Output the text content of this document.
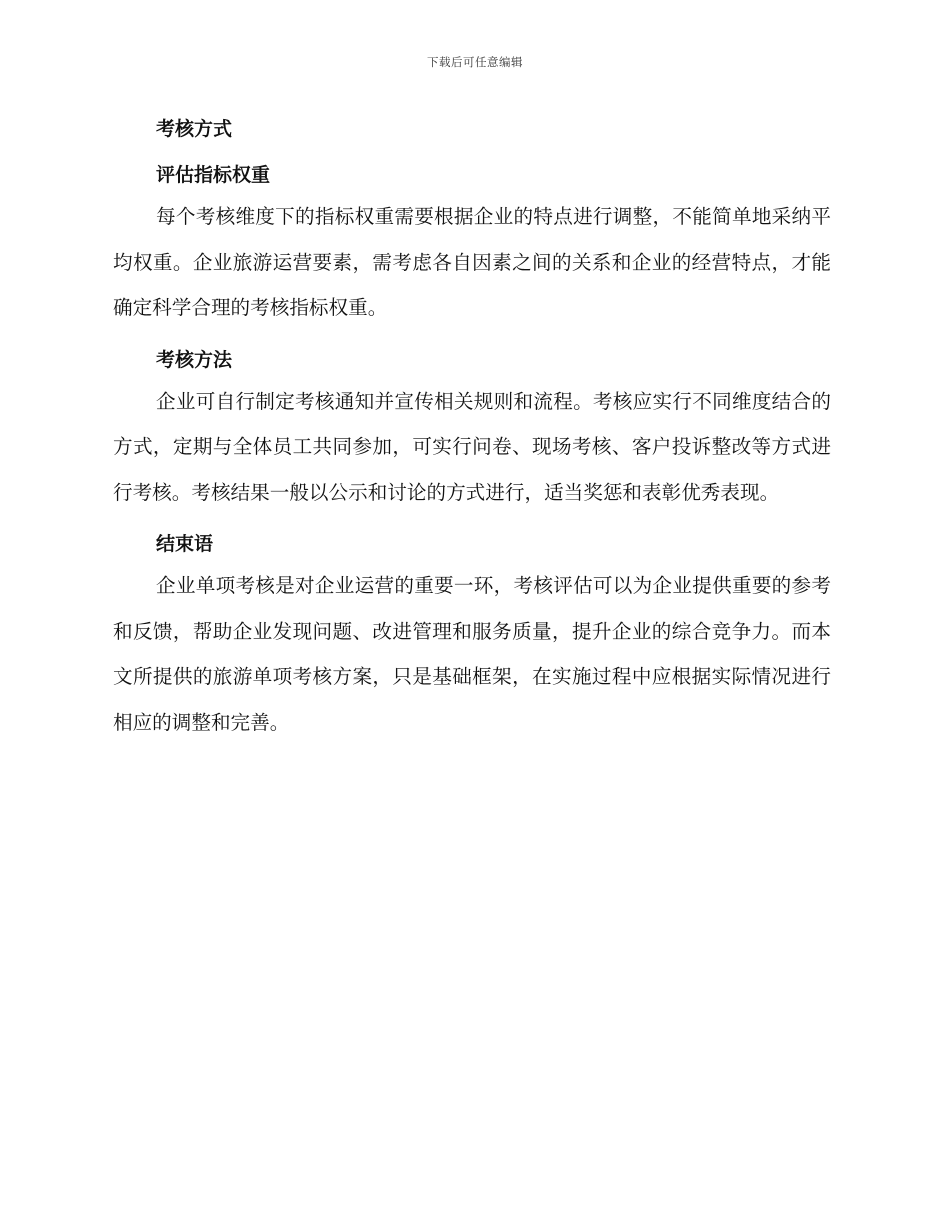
下载后可任意编辑
考核方式
评估指标权重

每个考核维度下的指标权重需要根据企业的特点进行调整，不能简单地采纳平均权重。企业旅游运营要素，需考虑各自因素之间的关系和企业的经营特点，才能确定科学合理的考核指标权重。

考核方法

企业可自行制定考核通知并宣传相关规则和流程。考核应实行不同维度结合的方式，定期与全体员工共同参加，可实行问卷、现场考核、客户投诉整改等方式进行考核。考核结果一般以公示和讨论的方式进行，适当奖惩和表彰优秀表现。

结束语

企业单项考核是对企业运营的重要一环，考核评估可以为企业提供重要的参考和反馈，帮助企业发现问题、改进管理和服务质量，提升企业的综合竞争力。而本文所提供的旅游单项考核方案，只是基础框架，在实施过程中应根据实际情况进行相应的调整和完善。
